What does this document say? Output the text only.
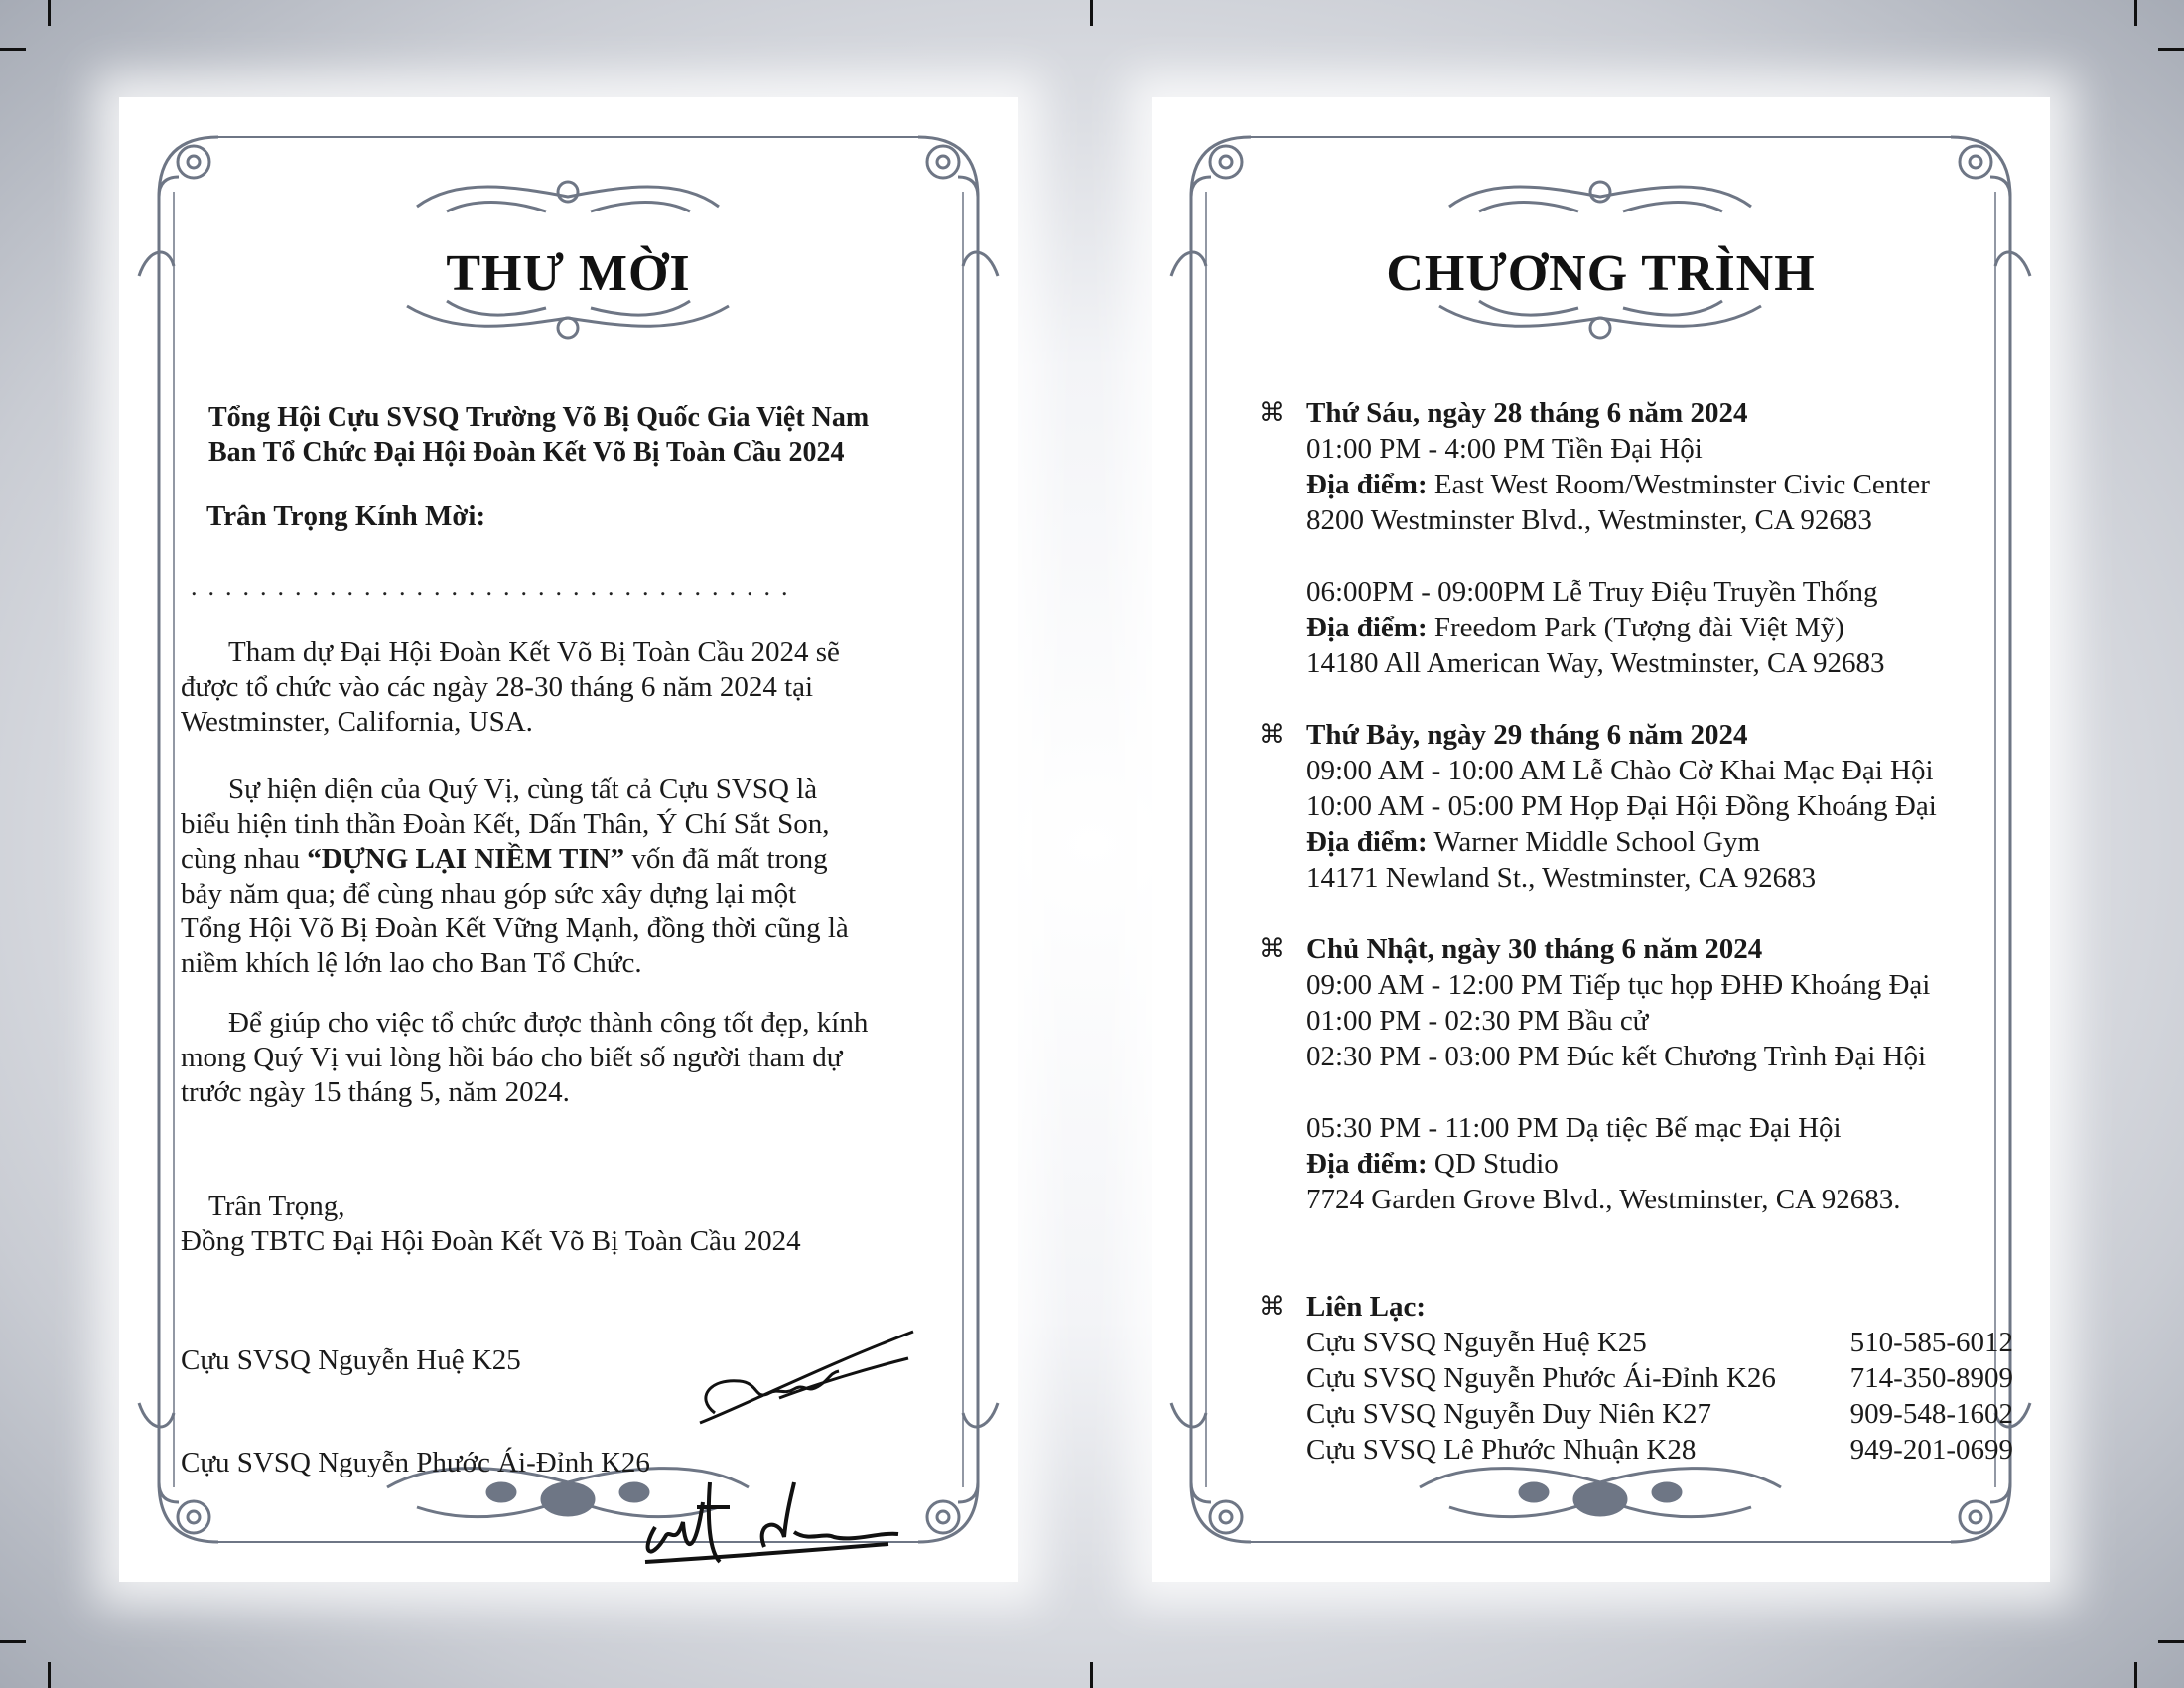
THƯ MỜI
Tổng Hội Cựu SVSQ Trường Võ Bị Quốc Gia Việt Nam
Ban Tổ Chức Đại Hội Đoàn Kết Võ Bị Toàn Cầu 2024
Trân Trọng Kính Mời:
...................................

Tham dự Đại Hội Đoàn Kết Võ Bị Toàn Cầu 2024 sẽ

được tổ chức vào các ngày 28-30 tháng 6 năm 2024 tại

Westminster, California, USA.

Sự hiện diện của Quý Vị, cùng tất cả Cựu SVSQ là

biểu hiện tinh thần Đoàn Kết, Dấn Thân, Ý Chí Sắt Son,

cùng nhau “DỰNG LẠI NIỀM TIN” vốn đã mất trong

bảy năm qua; để cùng nhau góp sức xây dựng lại một

Tổng Hội Võ Bị Đoàn Kết Vững Mạnh, đồng thời cũng là

niềm khích lệ lớn lao cho Ban Tổ Chức.

Để giúp cho việc tổ chức được thành công tốt đẹp, kính

mong Quý Vị vui lòng hồi báo cho biết số người tham dự

trước ngày 15 tháng 5, năm 2024.

Trân Trọng,

Đồng TBTC Đại Hội Đoàn Kết Võ Bị Toàn Cầu 2024

Cựu SVSQ Nguyễn Huệ K25
Cựu SVSQ Nguyễn Phước Ái-Đỉnh K26
CHƯƠNG TRÌNH
⌘ Thứ Sáu, ngày 28 tháng 6 năm 2024
01:00 PM - 4:00 PM Tiền Đại Hội
Địa điểm: East West Room/Westminster Civic Center
8200 Westminster Blvd., Westminster, CA 92683
06:00PM - 09:00PM Lễ Truy Điệu Truyền Thống
Địa điểm: Freedom Park (Tượng đài Việt Mỹ)
14180 All American Way, Westminster, CA 92683
⌘ Thứ Bảy, ngày 29 tháng 6 năm 2024
09:00 AM - 10:00 AM Lễ Chào Cờ Khai Mạc Đại Hội
10:00 AM - 05:00 PM Họp Đại Hội Đồng Khoáng Đại
Địa điểm: Warner Middle School Gym
14171 Newland St., Westminster, CA 92683
⌘ Chủ Nhật, ngày 30 tháng 6 năm 2024
09:00 AM - 12:00 PM Tiếp tục họp ĐHĐ Khoáng Đại
01:00 PM - 02:30 PM Bầu cử
02:30 PM - 03:00 PM Đúc kết Chương Trình Đại Hội
05:30 PM - 11:00 PM Dạ tiệc Bế mạc Đại Hội
Địa điểm: QD Studio
7724 Garden Grove Blvd., Westminster, CA 92683.
⌘ Liên Lạc:
Cựu SVSQ Nguyễn Huệ K25	510-585-6012
Cựu SVSQ Nguyễn Phước Ái-Đỉnh K26	714-350-8909
Cựu SVSQ Nguyễn Duy Niên K27	909-548-1602
Cựu SVSQ Lê Phước Nhuận K28	949-201-0699
